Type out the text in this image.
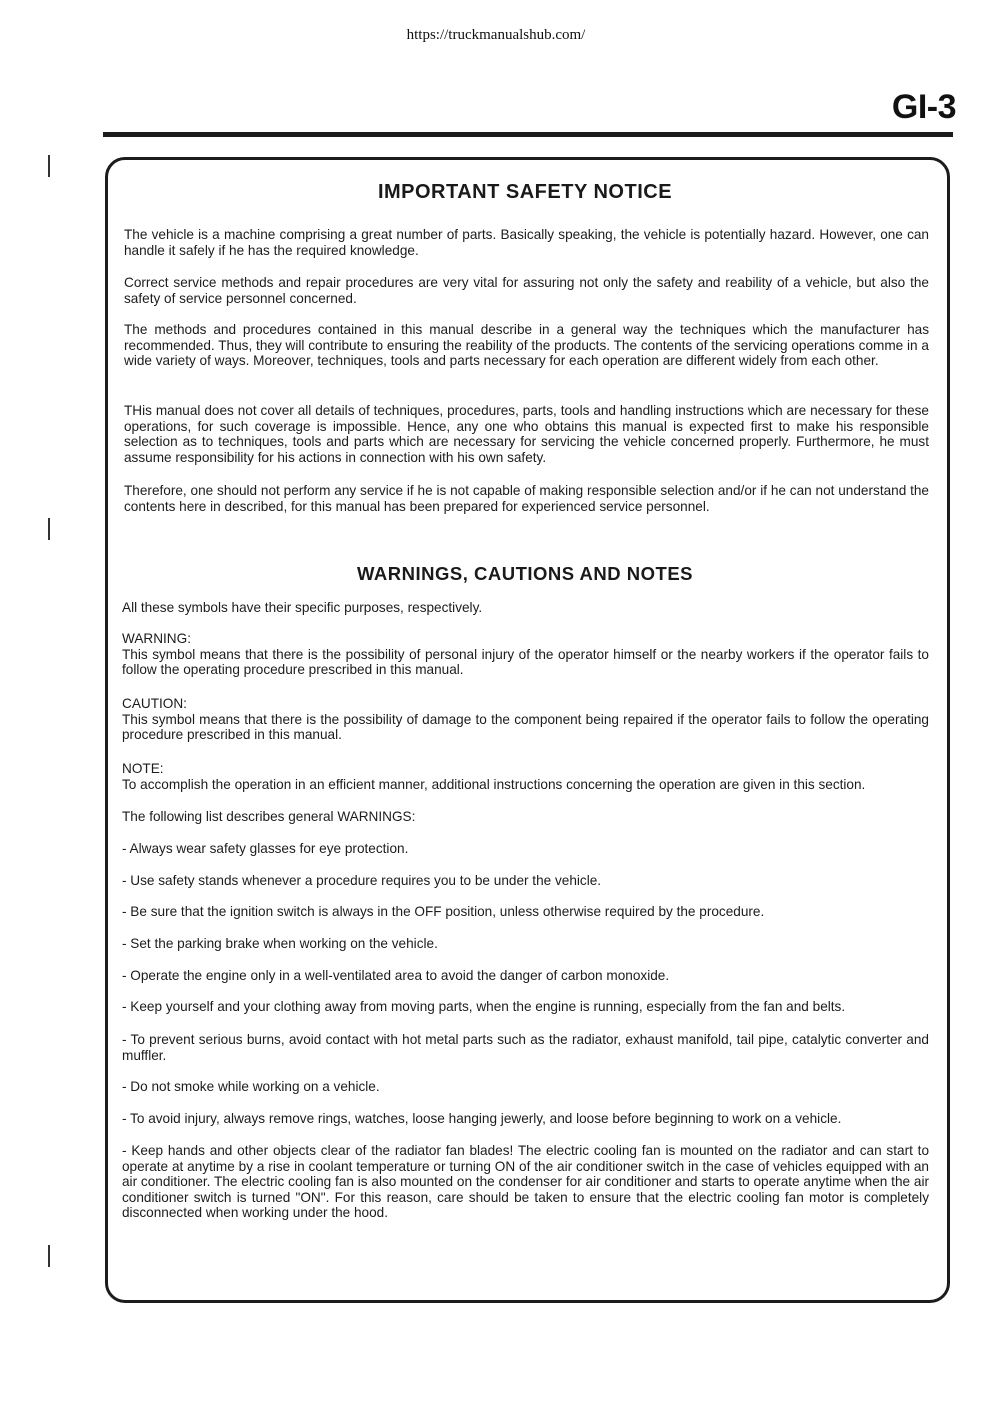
https://truckmanualshub.com/
GI-3
IMPORTANT SAFETY NOTICE
The vehicle is a machine comprising a great number of parts. Basically speaking, the vehicle is potentially hazard. However, one can handle it safely if he has the required knowledge.
Correct service methods and repair procedures are very vital for assuring not only the safety and reability of a vehicle, but also the safety of service personnel concerned.
The methods and procedures contained in this manual describe in a general way the techniques which the manufacturer has recommended. Thus, they will contribute to ensuring the reability of the products. The contents of the servicing operations comme in a wide variety of ways. Moreover, techniques, tools and parts necessary for each operation are different widely from each other.
THis manual does not cover all details of techniques, procedures, parts, tools and handling instructions which are necessary for these operations, for such coverage is impossible. Hence, any one who obtains this manual is expected first to make his responsible selection as to techniques, tools and parts which are necessary for servicing the vehicle concerned properly. Furthermore, he must assume responsibility for his actions in connection with his own safety.
Therefore, one should not perform any service if he is not capable of making responsible selection and/or if he can not understand the contents here in described, for this manual has been prepared for experienced service personnel.
WARNINGS, CAUTIONS AND NOTES
All these symbols have their specific purposes, respectively.
WARNING:
This symbol means that there is the possibility of personal injury of the operator himself or the nearby workers if the operator fails to follow the operating procedure prescribed in this manual.
CAUTION:
This symbol means that there is the possibility of damage to the component being repaired if the operator fails to follow the operating procedure prescribed in this manual.
NOTE:
To accomplish the operation in an efficient manner, additional instructions concerning the operation are given in this section.
The following list describes general WARNINGS:
- Always wear safety glasses for eye protection.
- Use safety stands whenever a procedure requires you to be under the vehicle.
- Be sure that the ignition switch is always in the OFF position, unless otherwise required by the procedure.
- Set the parking brake when working on the vehicle.
- Operate the engine only in a well-ventilated area to avoid the danger of carbon monoxide.
- Keep yourself and your clothing away from moving parts, when the engine is running, especially from the fan and belts.
- To prevent serious burns, avoid contact with hot metal parts such as the radiator, exhaust manifold, tail pipe, catalytic converter and muffler.
- Do not smoke while working on a vehicle.
- To avoid injury, always remove rings, watches, loose hanging jewerly, and loose before beginning to work on a vehicle.
- Keep hands and other objects clear of the radiator fan blades! The electric cooling fan is mounted on the radiator and can start to operate at anytime by a rise in coolant temperature or turning ON of the air conditioner switch in the case of vehicles equipped with an air conditioner. The electric cooling fan is also mounted on the condenser for air conditioner and starts to operate anytime when the air conditioner switch is turned "ON". For this reason, care should be taken to ensure that the electric cooling fan motor is completely disconnected when working under the hood.
